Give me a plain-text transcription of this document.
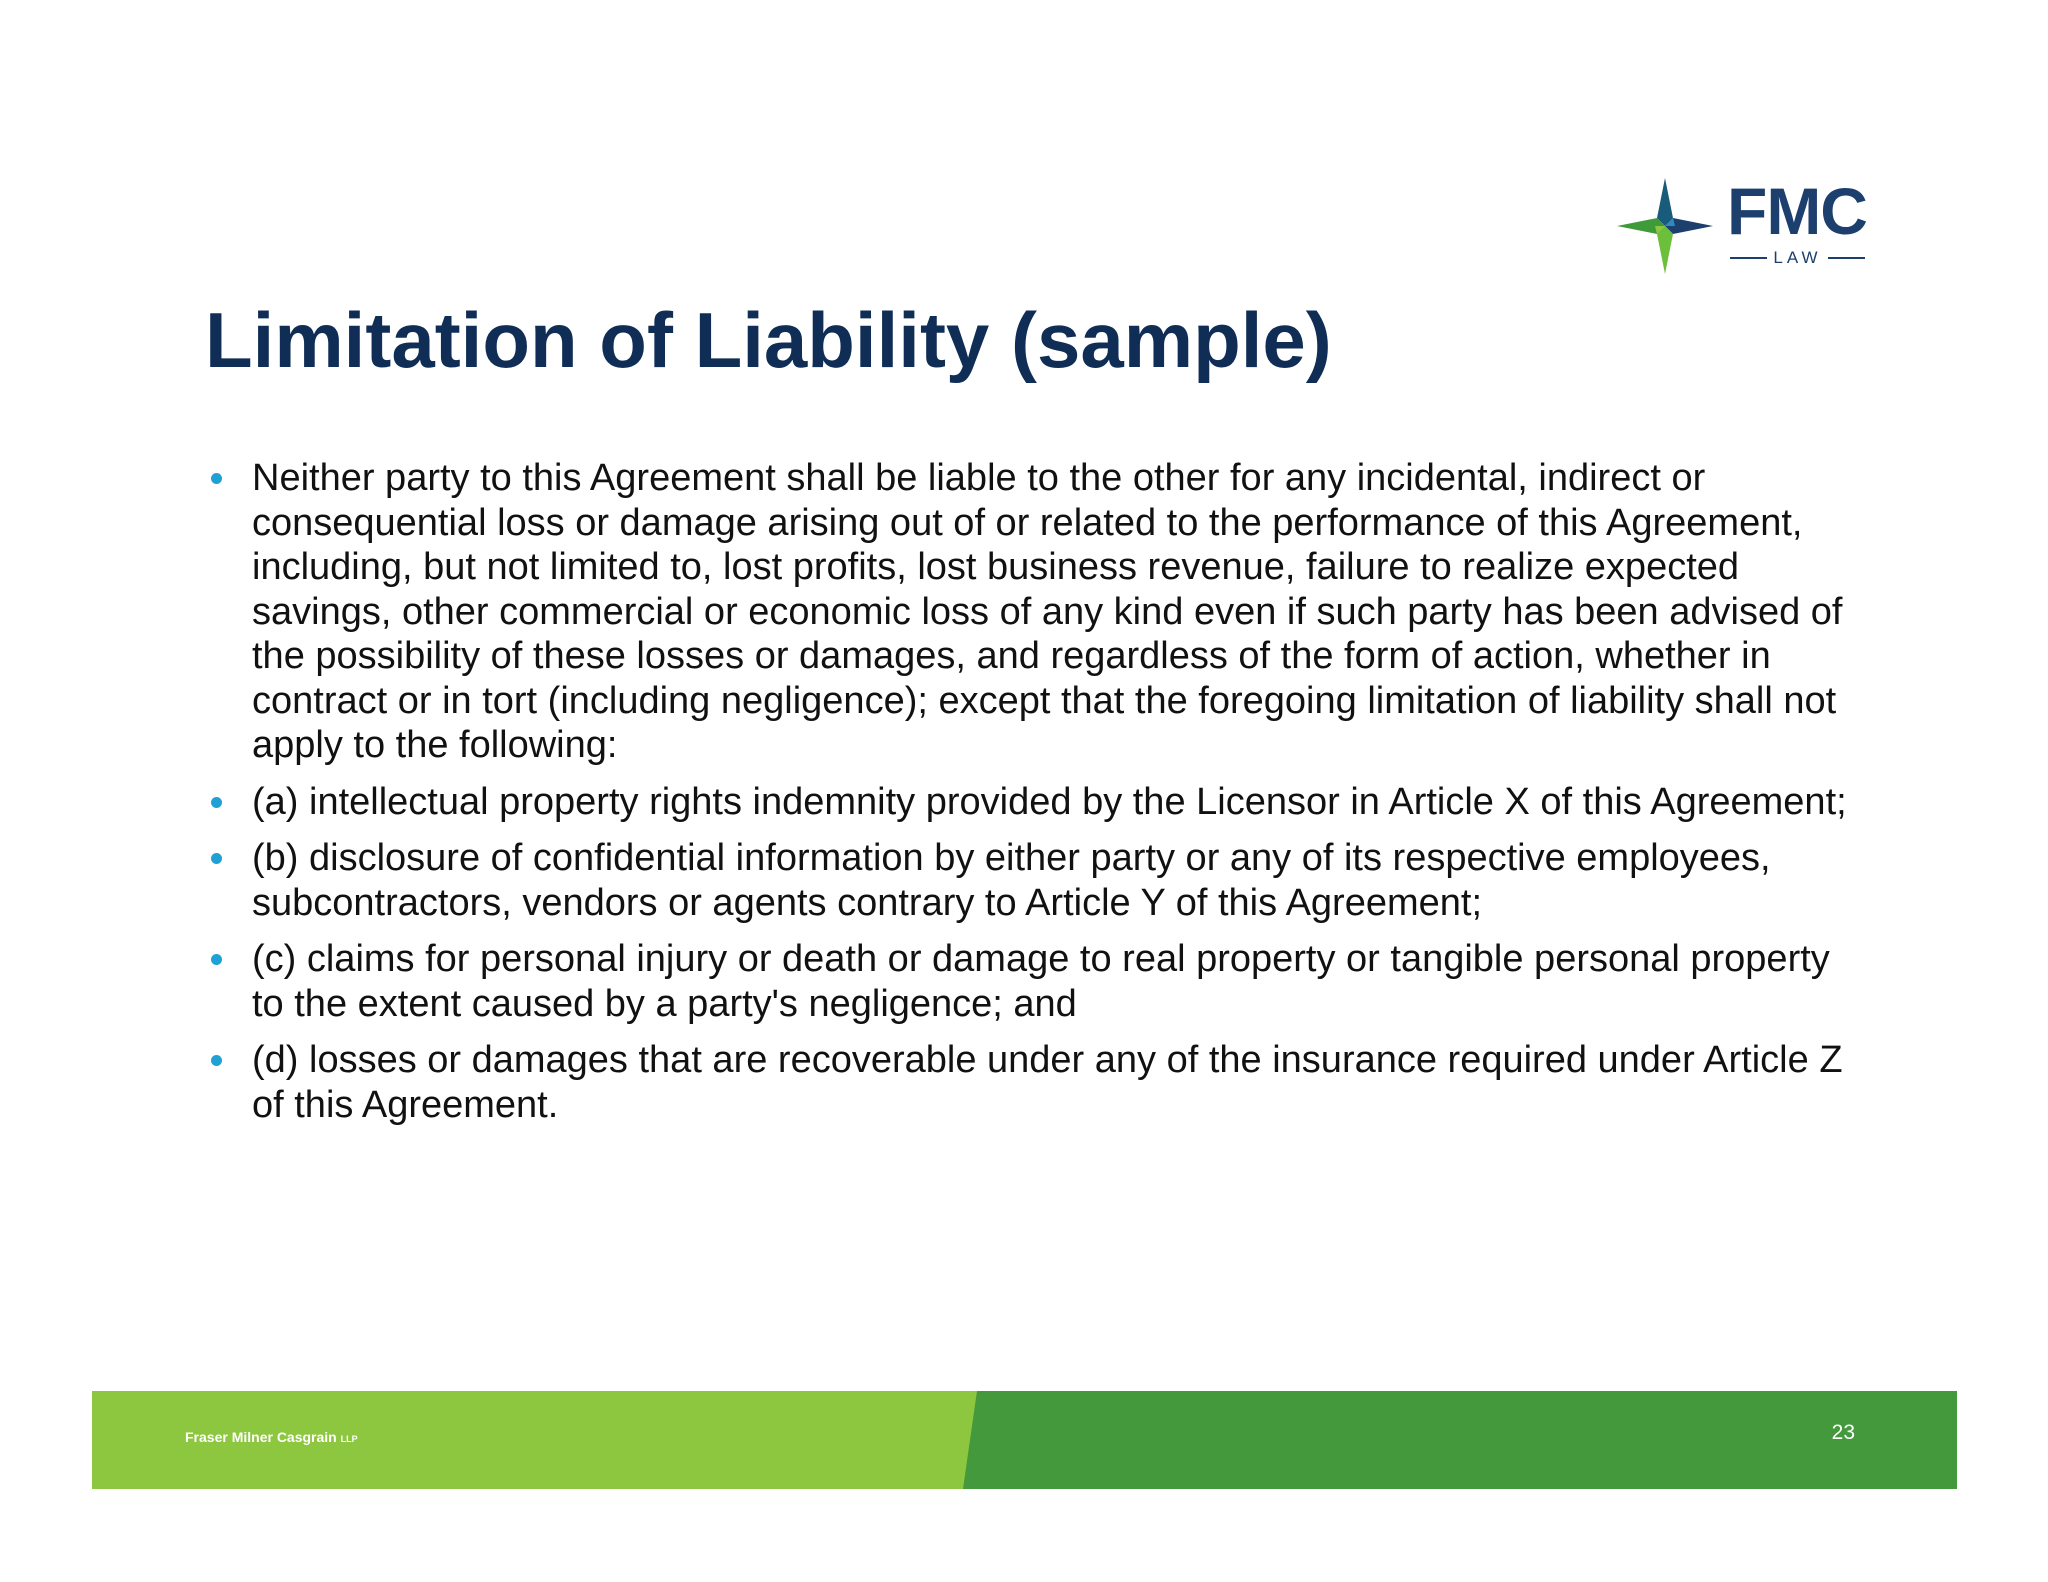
FMC
LAW
Limitation of Liability (sample)
Neither party to this Agreement shall be liable to the other for any incidental, indirect or consequential loss or damage arising out of or related to the performance of this Agreement, including, but not limited to, lost profits, lost business revenue, failure to realize expected savings, other commercial or economic loss of any kind even if such party has been advised of the possibility of these losses or damages, and regardless of the form of action, whether in contract or in tort (including negligence); except that the foregoing limitation of liability shall not apply to the following:
(a) intellectual property rights indemnity provided by the Licensor in Article X of this Agreement;
(b) disclosure of confidential information by either party or any of its respective employees, subcontractors, vendors or agents contrary to Article Y of this Agreement;
(c) claims for personal injury or death or damage to real property or tangible personal property to the extent caused by a party's negligence; and
(d) losses or damages that are recoverable under any of the insurance required under Article Z of this Agreement.
Fraser Milner Casgrain LLP	23
